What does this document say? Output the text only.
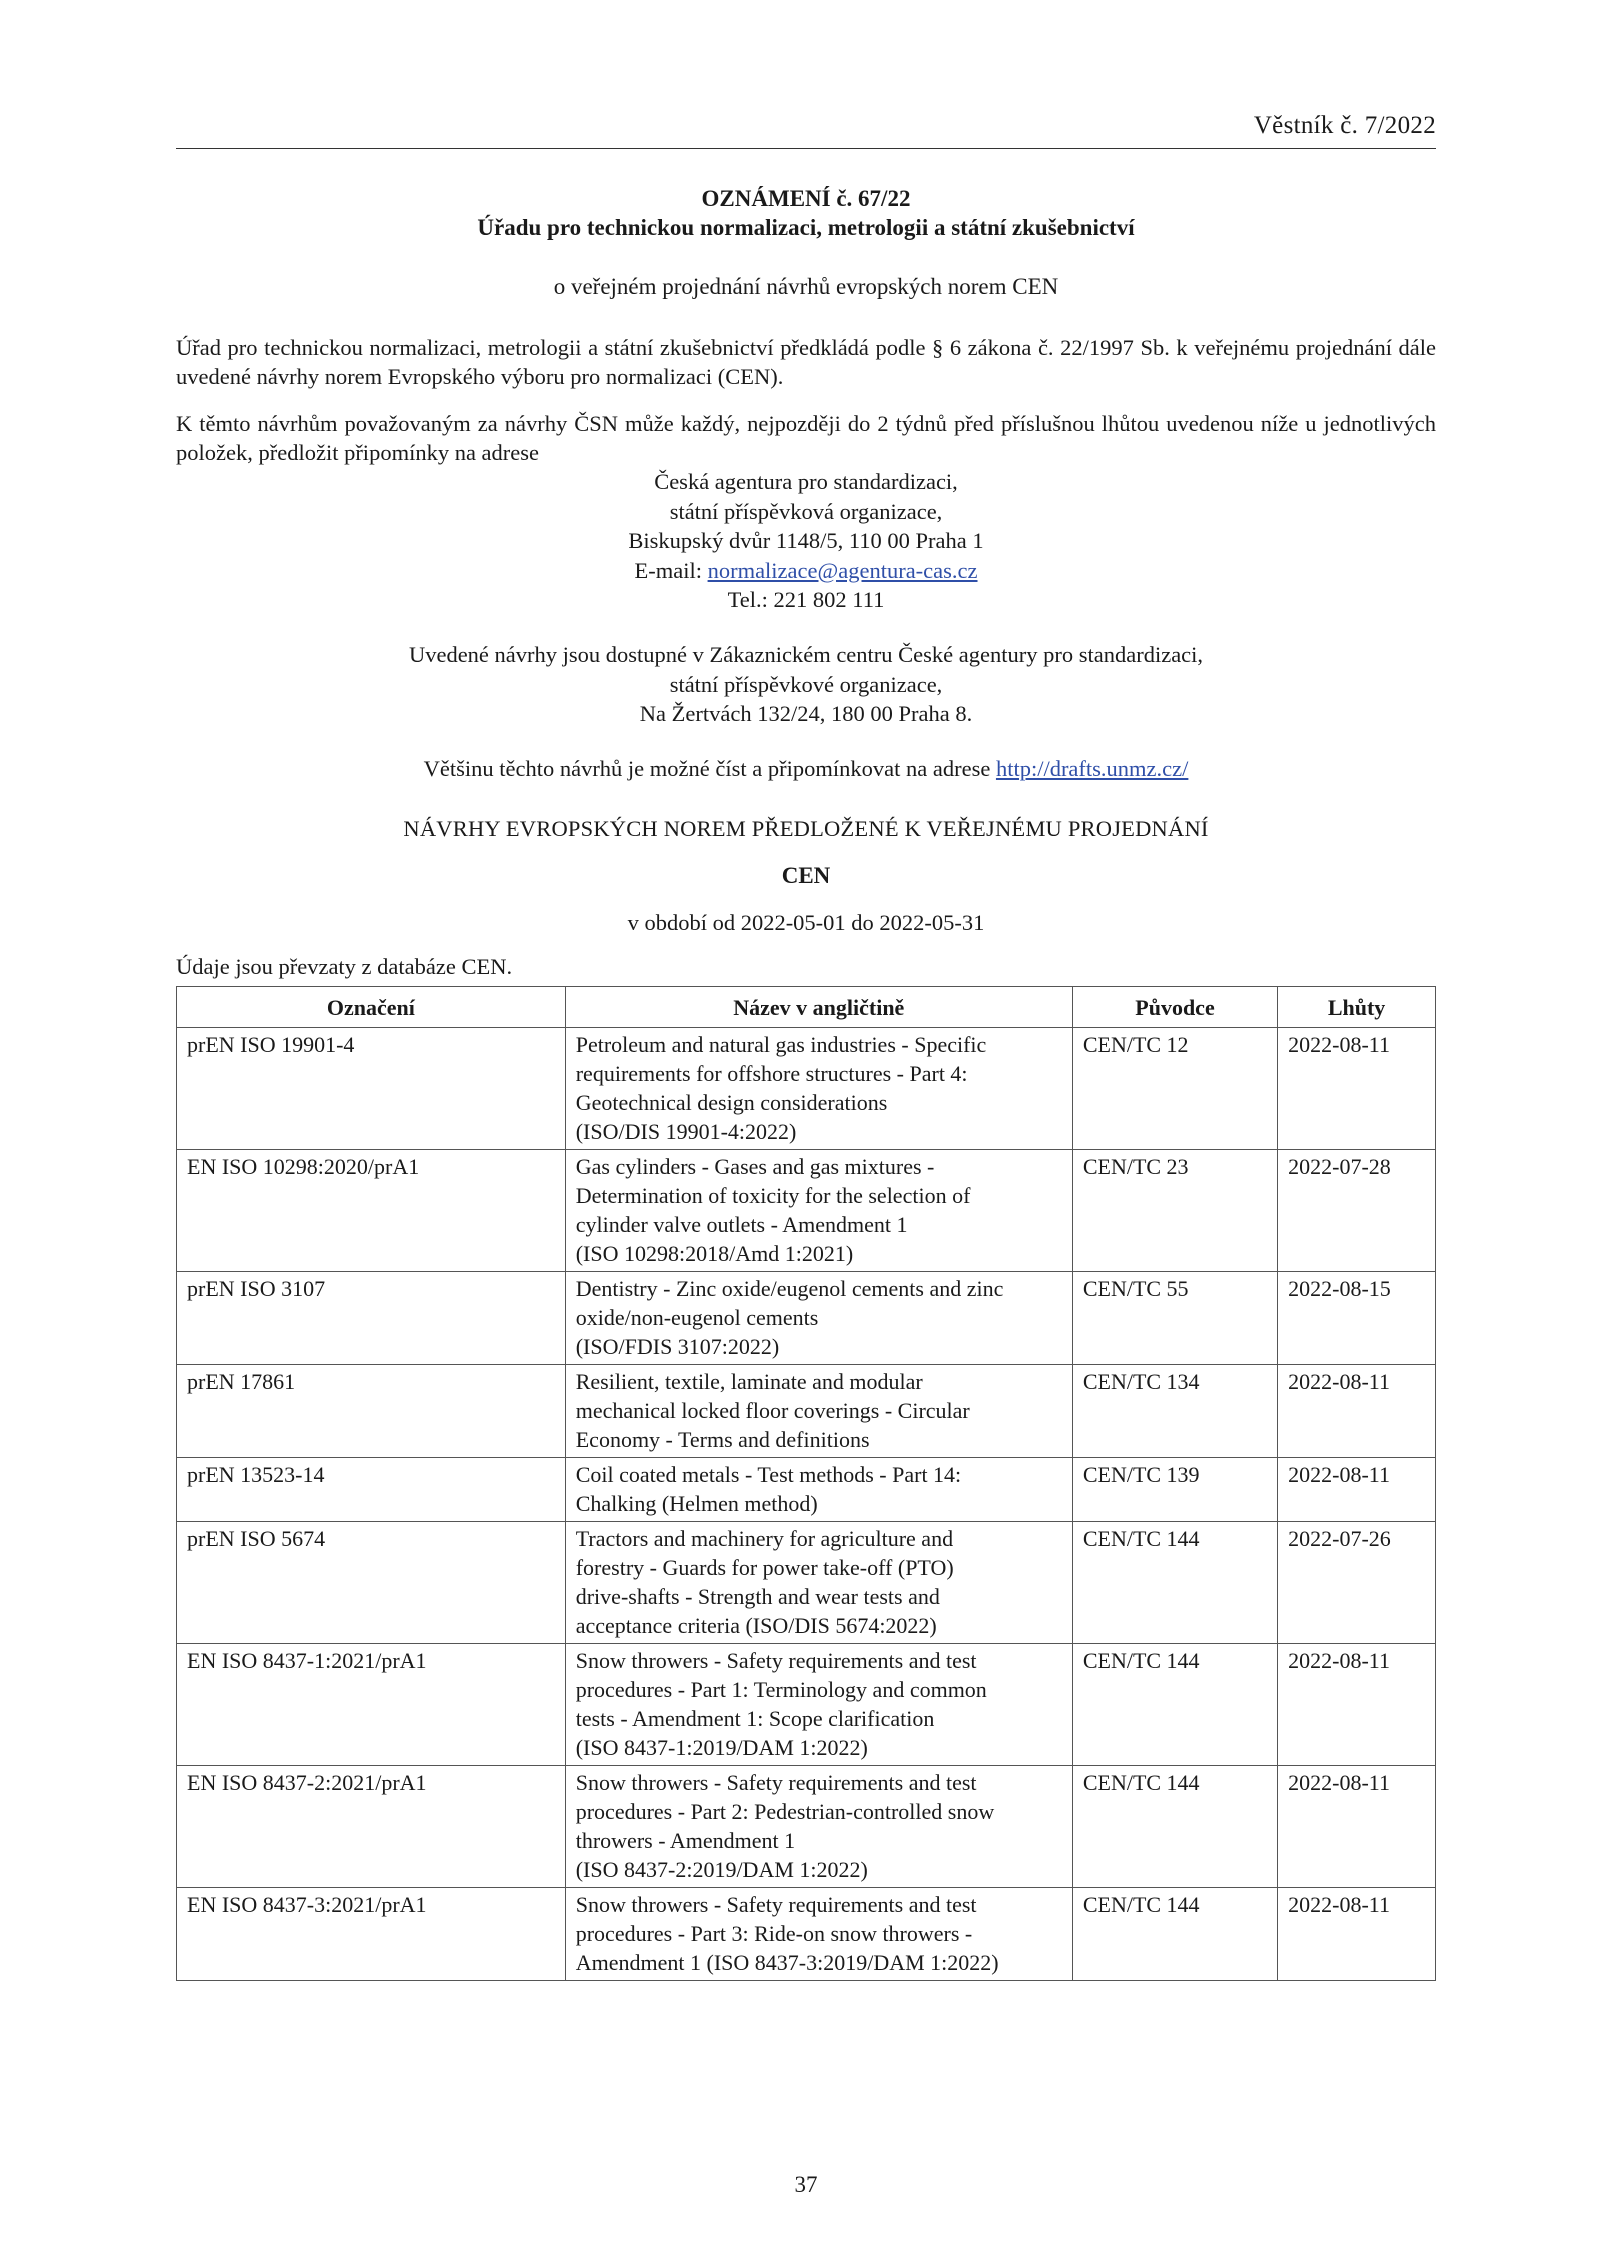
Věstník č. 7/2022
OZNÁMENÍ č. 67/22
Úřadu pro technickou normalizaci, metrologii a státní zkušebnictví
o veřejném projednání návrhů evropských norem CEN
Úřad pro technickou normalizaci, metrologii a státní zkušebnictví předkládá podle § 6 zákona č. 22/1997 Sb. k veřejnému projednání dále uvedené návrhy norem Evropského výboru pro normalizaci (CEN).
K těmto návrhům považovaným za návrhy ČSN může každý, nejpozději do 2 týdnů před příslušnou lhůtou uvedenou níže u jednotlivých položek, předložit připomínky na adrese
Česká agentura pro standardizaci,
státní příspěvková organizace,
Biskupský dvůr 1148/5, 110 00 Praha 1
E-mail: normalizace@agentura-cas.cz
Tel.: 221 802 111
Uvedené návrhy jsou dostupné v Zákaznickém centru České agentury pro standardizaci,
státní příspěvkové organizace,
Na Žertvách 132/24, 180 00 Praha 8.
Většinu těchto návrhů je možné číst a připomínkovat na adrese http://drafts.unmz.cz/
NÁVRHY EVROPSKÝCH NOREM PŘEDLOŽENÉ K VEŘEJNÉMU PROJEDNÁNÍ
CEN
v období od 2022-05-01 do 2022-05-31
Údaje jsou převzaty z databáze CEN.
Označení	Název v angličtině	Původce	Lhůty
prEN ISO 19901-4	Petroleum and natural gas industries - Specific
requirements for offshore structures - Part 4:
Geotechnical design considerations
(ISO/DIS 19901-4:2022)	CEN/TC 12	2022-08-11
EN ISO 10298:2020/prA1	Gas cylinders - Gases and gas mixtures -
Determination of toxicity for the selection of
cylinder valve outlets - Amendment 1
(ISO 10298:2018/Amd 1:2021)	CEN/TC 23	2022-07-28
prEN ISO 3107	Dentistry - Zinc oxide/eugenol cements and zinc
oxide/non-eugenol cements
(ISO/FDIS 3107:2022)	CEN/TC 55	2022-08-15
prEN 17861	Resilient, textile, laminate and modular
mechanical locked floor coverings - Circular
Economy - Terms and definitions	CEN/TC 134	2022-08-11
prEN 13523-14	Coil coated metals - Test methods - Part 14:
Chalking (Helmen method)	CEN/TC 139	2022-08-11
prEN ISO 5674	Tractors and machinery for agriculture and
forestry - Guards for power take-off (PTO)
drive-shafts - Strength and wear tests and
acceptance criteria (ISO/DIS 5674:2022)	CEN/TC 144	2022-07-26
EN ISO 8437-1:2021/prA1	Snow throwers - Safety requirements and test
procedures - Part 1: Terminology and common
tests - Amendment 1: Scope clarification
(ISO 8437-1:2019/DAM 1:2022)	CEN/TC 144	2022-08-11
EN ISO 8437-2:2021/prA1	Snow throwers - Safety requirements and test
procedures - Part 2: Pedestrian-controlled snow
throwers - Amendment 1
(ISO 8437-2:2019/DAM 1:2022)	CEN/TC 144	2022-08-11
EN ISO 8437-3:2021/prA1	Snow throwers - Safety requirements and test
procedures - Part 3: Ride-on snow throwers -
Amendment 1 (ISO 8437-3:2019/DAM 1:2022)	CEN/TC 144	2022-08-11
37
